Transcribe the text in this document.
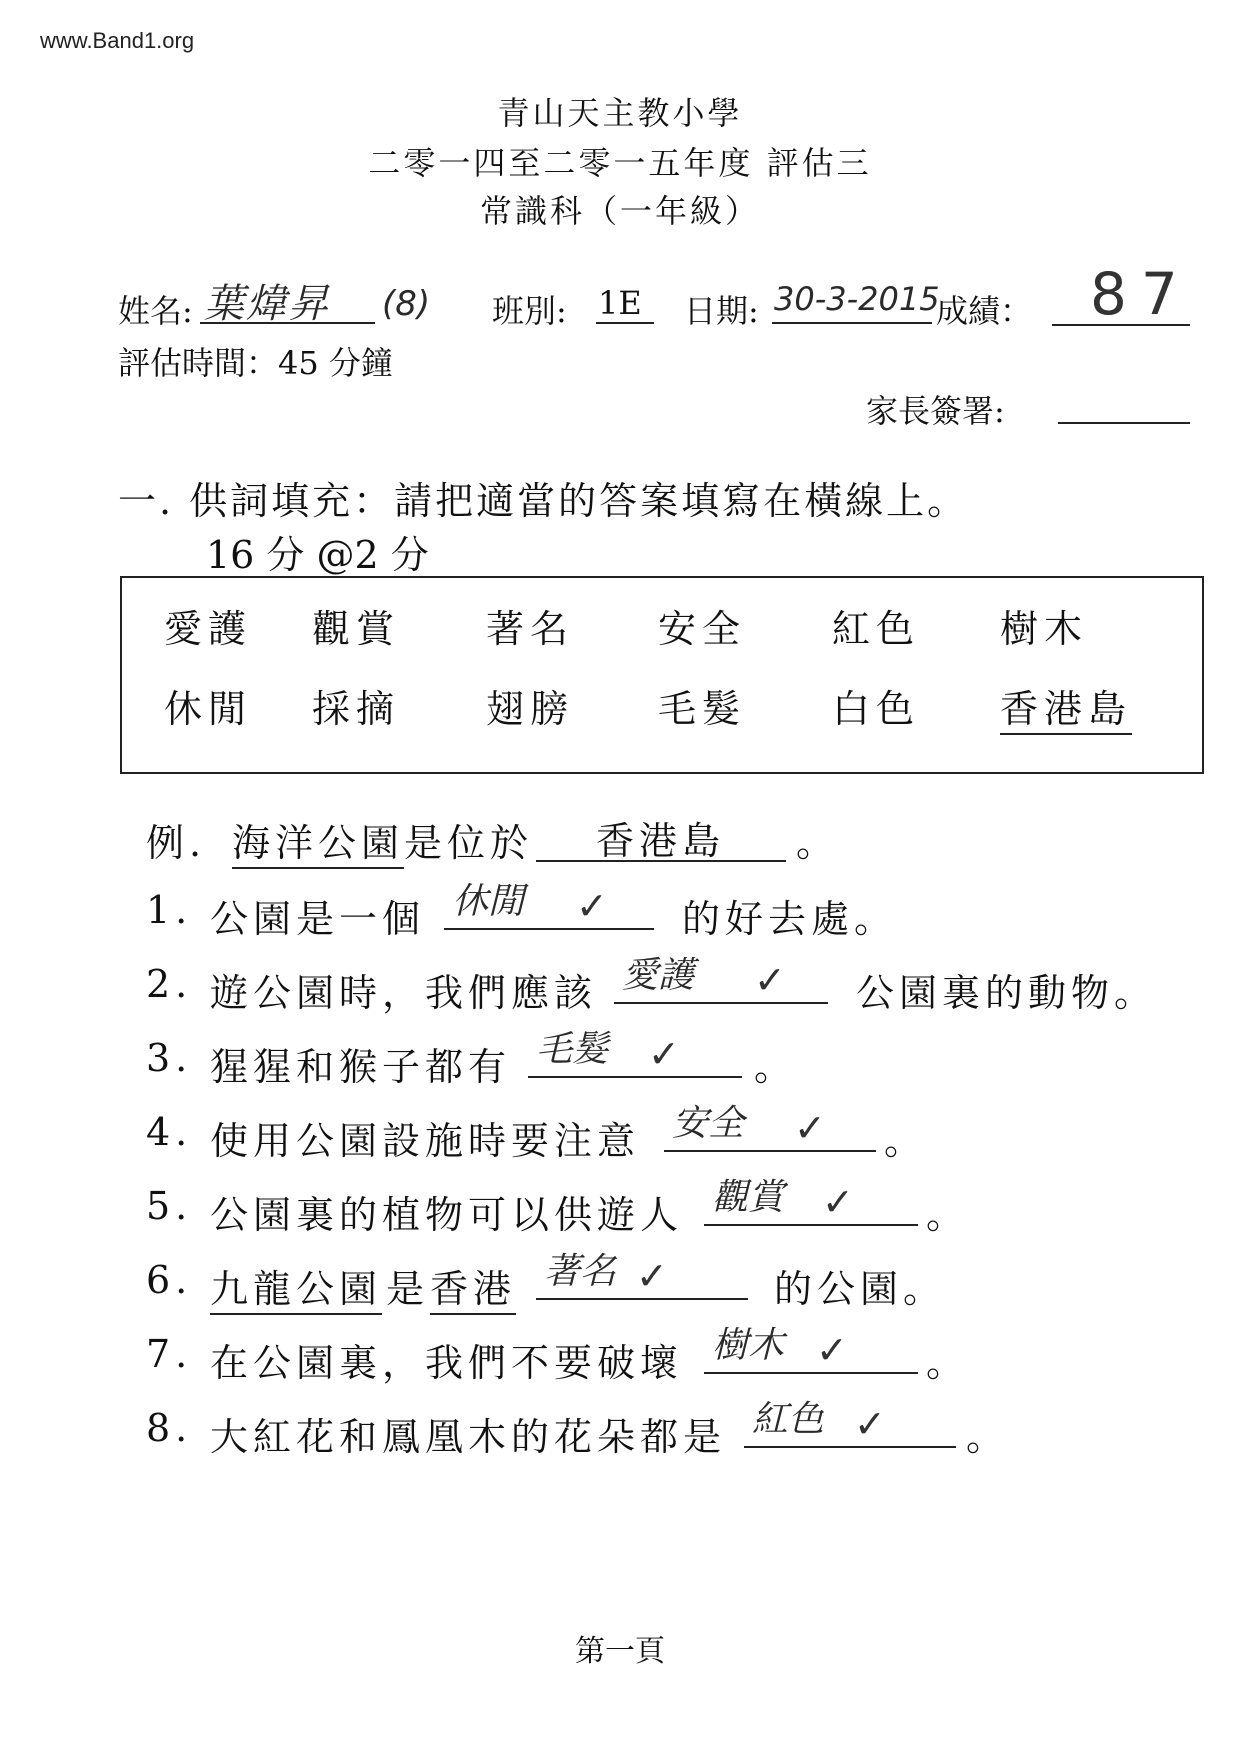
www.Band1.org
青山天主教小學
二零一四至二零一五年度 評估三
常識科（一年級）
姓名: 葉煒昇 (8) 班別: 1E 日期: 30-3-2015
成績： 87
評估時間：45 分鐘
家長簽署:
一. 供詞填充：請把適當的答案填寫在橫線上。
16 分 @2 分
愛護 觀賞 著名 安全 紅色 樹木
休閒 採摘 翅膀 毛髮 白色 香港島
例. 海洋公園 是位於 香港島 。
1. 公園是一個 休閒 ✓ 的好去處。
2. 遊公園時，我們應該 愛護 ✓ 公園裏的動物。
3. 猩猩和猴子都有 毛髮 ✓ 。
4. 使用公園設施時要注意 安全 ✓ 。
5. 公園裏的植物可以供遊人 觀賞 ✓ 。
6. 九龍公園 是 香港 著名 ✓	的公園。
7. 在公園裏，我們不要破壞 樹木 ✓ 。
8. 大紅花和鳳凰木的花朵都是 紅色 ✓ 。
第一頁
